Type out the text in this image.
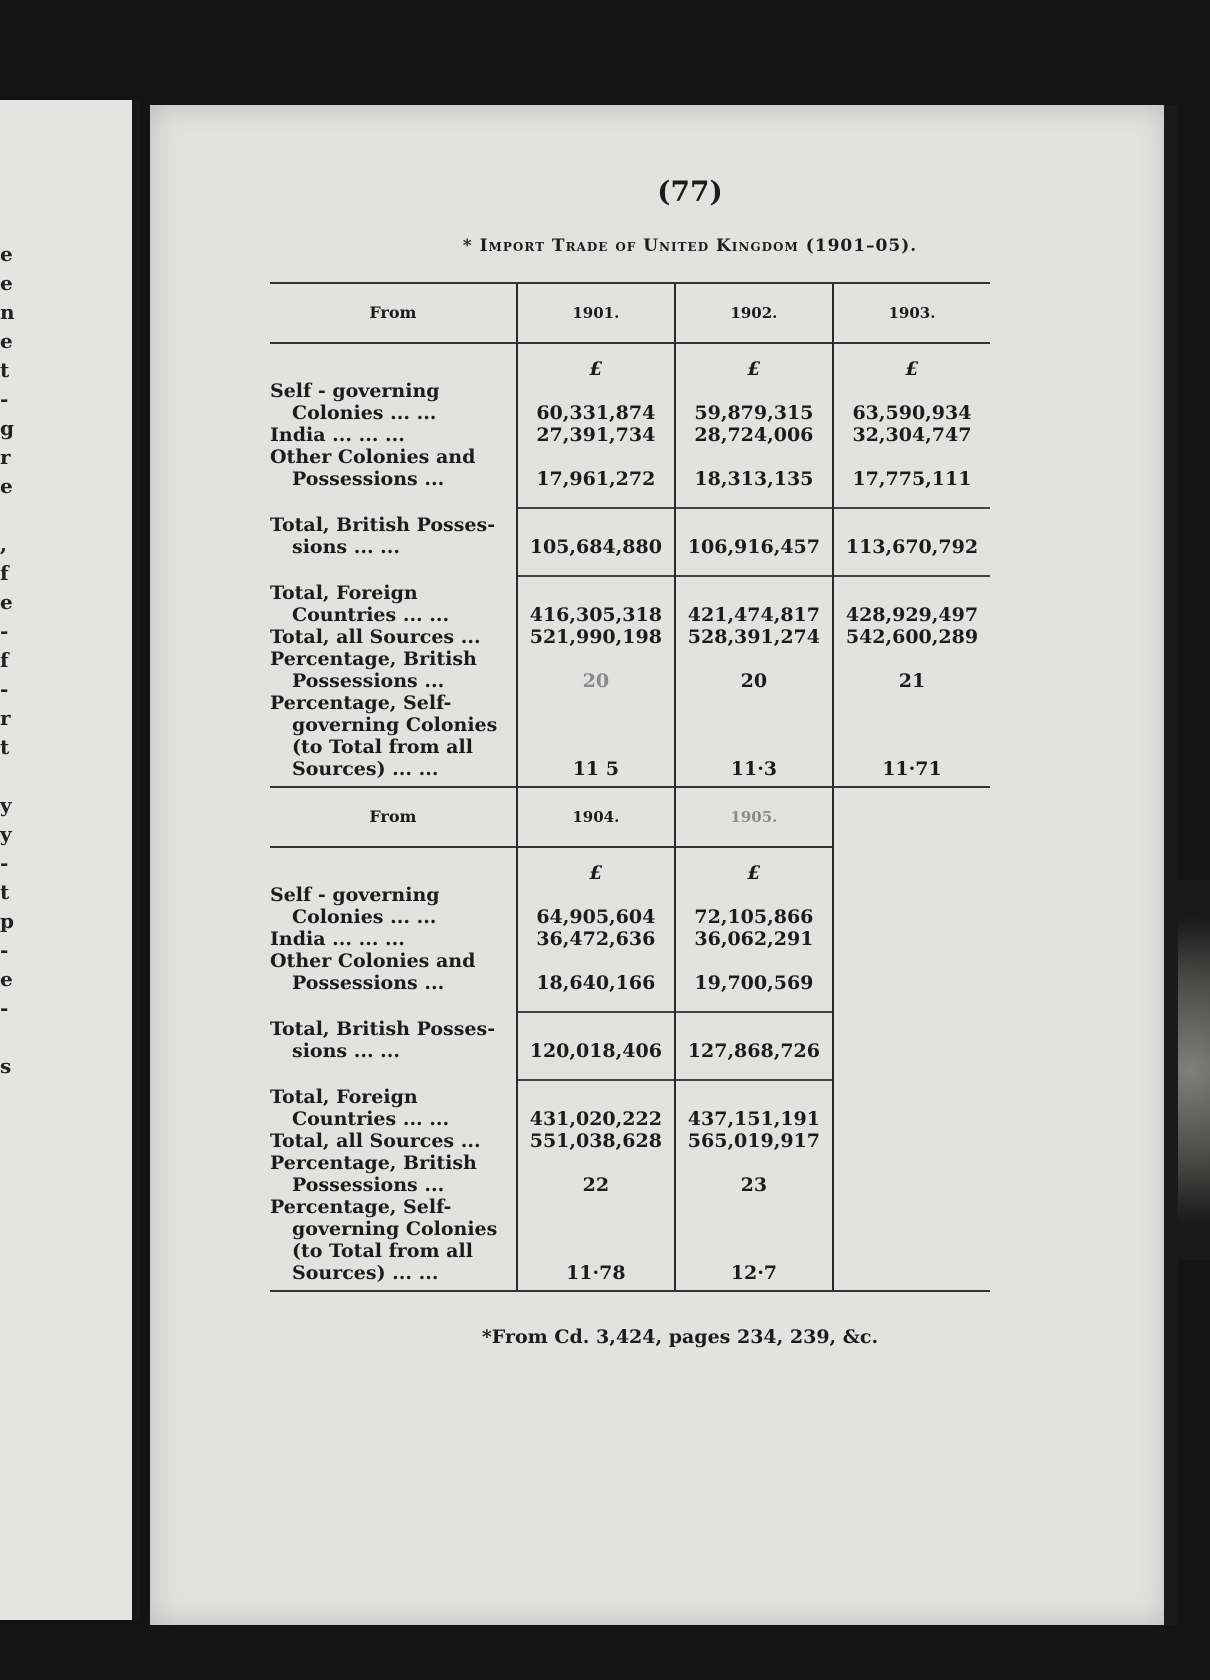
e
e
n
e
t
-
g
r
e
,
f
e
-
f
-
r
t
y
y
-
t
p
-
e
-
s
(77)
* Import Trade of United Kingdom (1901–05).
From	1901.	1902.	1903.

	£	£	£

Self - governing
Colonies ... ...	60,331,874	59,879,315	63,590,934
India ... ... ...	27,391,734	28,724,006	32,304,747

Other Colonies and
Possessions ...	17,961,272	18,313,135	17,775,111

Total, British Posses-
sions ... ...	105,684,880	106,916,457	113,670,792

Total, Foreign
Countries ... ...	416,305,318	421,474,817	428,929,497
Total, all Sources ...	521,990,198	528,391,274	542,600,289

Percentage, British
Possessions ...	20	20	21

Percentage, Self-
governing Colonies
(to Total from all
Sources) ... ...	11 5	11·3	11·71
From	1904.	1905.	

	£	£	

Self - governing
Colonies ... ...	64,905,604	72,105,866	
India ... ... ...	36,472,636	36,062,291	

Other Colonies and
Possessions ...	18,640,166	19,700,569	

Total, British Posses-
sions ... ...	120,018,406	127,868,726	

Total, Foreign
Countries ... ...	431,020,222	437,151,191	
Total, all Sources ...	551,038,628	565,019,917	

Percentage, British
Possessions ...	22	23	

Percentage, Self-
governing Colonies
(to Total from all
Sources) ... ...	11·78	12·7	
*From Cd. 3,424, pages 234, 239, &c.
